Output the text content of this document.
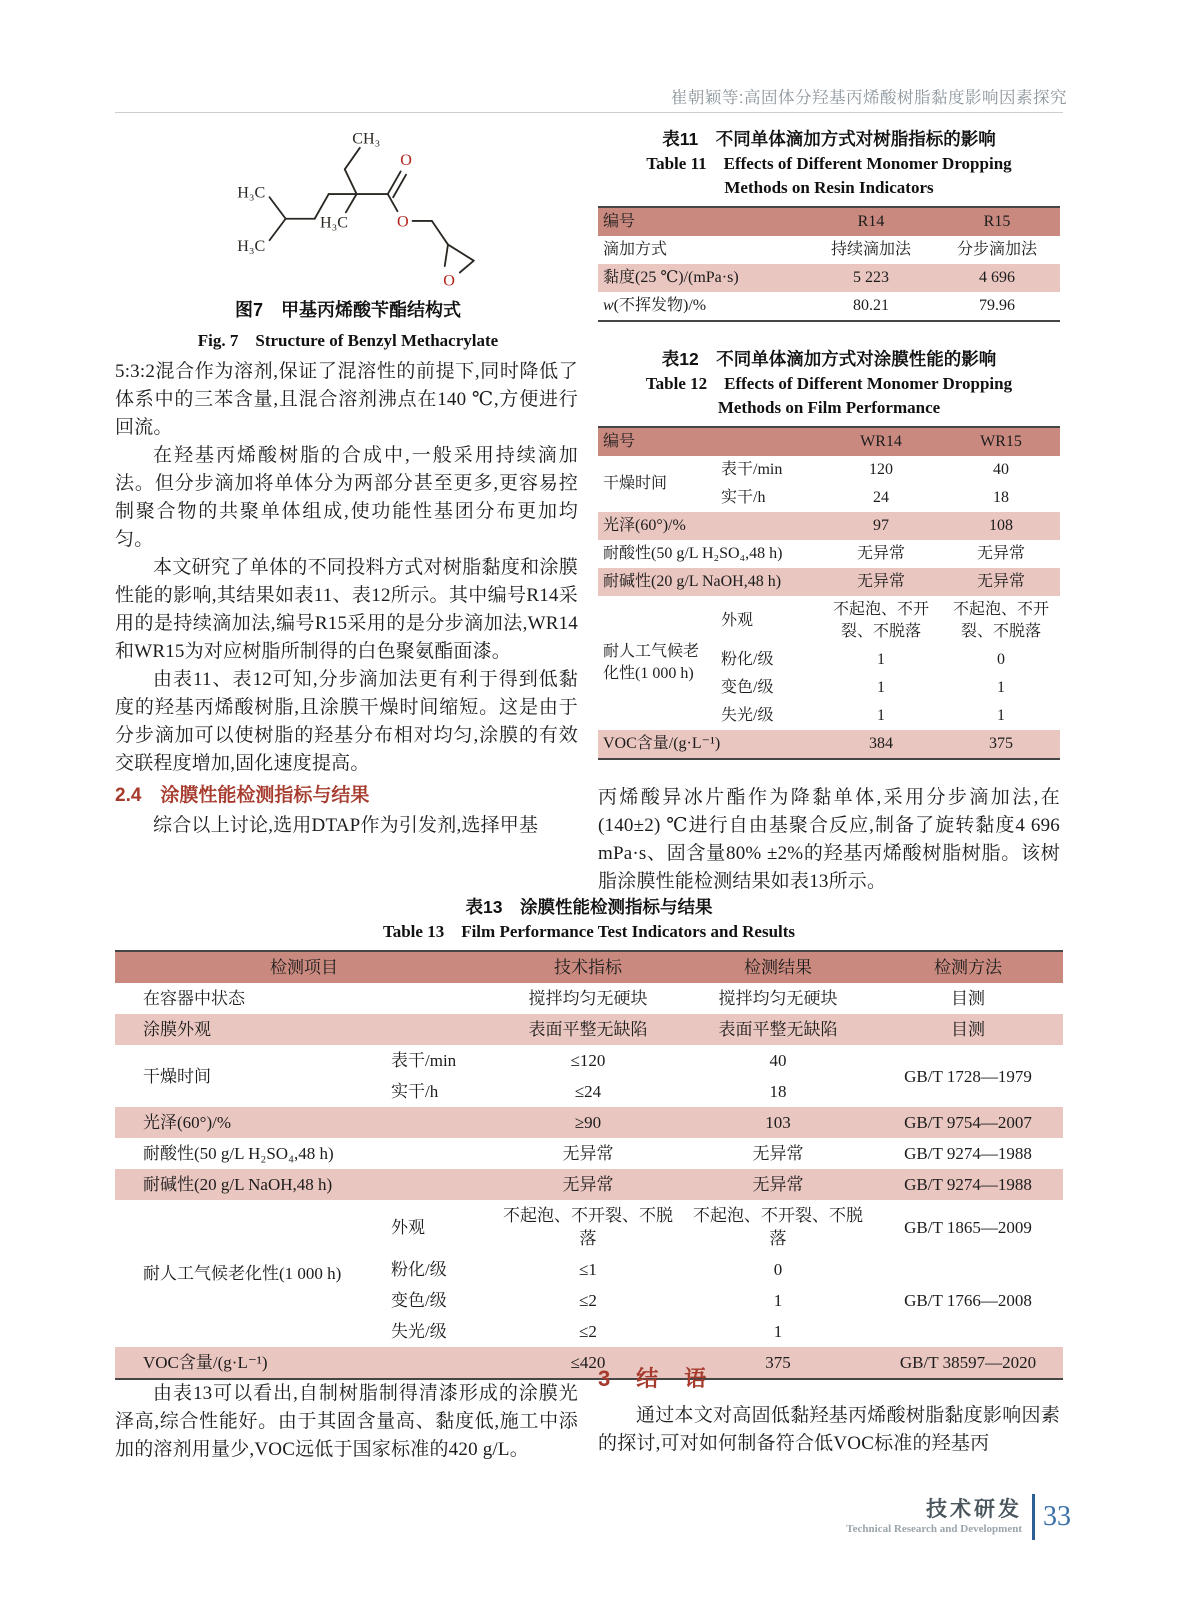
崔朝颖等:高固体分羟基丙烯酸树脂黏度影响因素探究
CH₃
H₃C
H₃C
H₃C
O
O
O
图7　甲基丙烯酸苄酯结构式
Fig. 7　Structure of Benzyl Methacrylate

5:3:2混合作为溶剂,保证了混溶性的前提下,同时降低了体系中的三苯含量,且混合溶剂沸点在140 ℃,方便进行回流。

在羟基丙烯酸树脂的合成中,一般采用持续滴加法。但分步滴加将单体分为两部分甚至更多,更容易控制聚合物的共聚单体组成,使功能性基团分布更加均匀。

本文研究了单体的不同投料方式对树脂黏度和涂膜性能的影响,其结果如表11、表12所示。其中编号R14采用的是持续滴加法,编号R15采用的是分步滴加法,WR14和WR15为对应树脂所制得的白色聚氨酯面漆。

由表11、表12可知,分步滴加法更有利于得到低黏度的羟基丙烯酸树脂,且涂膜干燥时间缩短。这是由于分步滴加可以使树脂的羟基分布相对均匀,涂膜的有效交联程度增加,固化速度提高。

2.4　涂膜性能检测指标与结果

综合以上讨论,选用DTAP作为引发剂,选择甲基

表11　不同单体滴加方式对树脂指标的影响
Table 11　Effects of Different Monomer Dropping
Methods on Resin Indicators
编号	R14	R15
滴加方式	持续滴加法	分步滴加法
黏度(25 ℃)/(mPa·s)	5 223	4 696
w(不挥发物)/%	80.21	79.96
表12　不同单体滴加方式对涂膜性能的影响
Table 12　Effects of Different Monomer Dropping
Methods on Film Performance
编号		WR14	WR15
干燥时间	表干/min	120	40
	实干/h	24	18
光泽(60°)/%		97	108
耐酸性(50 g/L H₂SO₄,48 h)		无异常	无异常
耐碱性(20 g/L NaOH,48 h)		无异常	无异常
耐人工气候老化性(1 000 h)	外观	不起泡、不开裂、不脱落	不起泡、不开裂、不脱落
	粉化/级	1	0
	变色/级	1	1
	失光/级	1	1
VOC含量/(g·L⁻¹)		384	375

丙烯酸异冰片酯作为降黏单体,采用分步滴加法,在(140±2) ℃进行自由基聚合反应,制备了旋转黏度4 696 mPa·s、固含量80% ±2%的羟基丙烯酸树脂树脂。该树脂涂膜性能检测结果如表13所示。

表13　涂膜性能检测指标与结果
Table 13　Film Performance Test Indicators and Results
检测项目		技术指标	检测结果	检测方法
在容器中状态		搅拌均匀无硬块	搅拌均匀无硬块	目测
涂膜外观		表面平整无缺陷	表面平整无缺陷	目测
干燥时间	表干/min	≤120	40	GB/T 1728—1979
	实干/h	≤24	18	
光泽(60°)/%		≥90	103	GB/T 9754—2007
耐酸性(50 g/L H₂SO₄,48 h)		无异常	无异常	GB/T 9274—1988
耐碱性(20 g/L NaOH,48 h)		无异常	无异常	GB/T 9274—1988
耐人工气候老化性(1 000 h)	外观	不起泡、不开裂、不脱落	不起泡、不开裂、不脱落	GB/T 1865—2009
	粉化/级	≤1	0	
	变色/级	≤2	1	GB/T 1766—2008
	失光/级	≤2	1	
VOC含量/(g·L⁻¹)		≤420	375	GB/T 38597—2020

由表13可以看出,自制树脂制得清漆形成的涂膜光泽高,综合性能好。由于其固含量高、黏度低,施工中添加的溶剂用量少,VOC远低于国家标准的420 g/L。

3　结　语

通过本文对高固低黏羟基丙烯酸树脂黏度影响因素的探讨,可对如何制备符合低VOC标准的羟基丙

技术研发
Technical Research and Development 33
